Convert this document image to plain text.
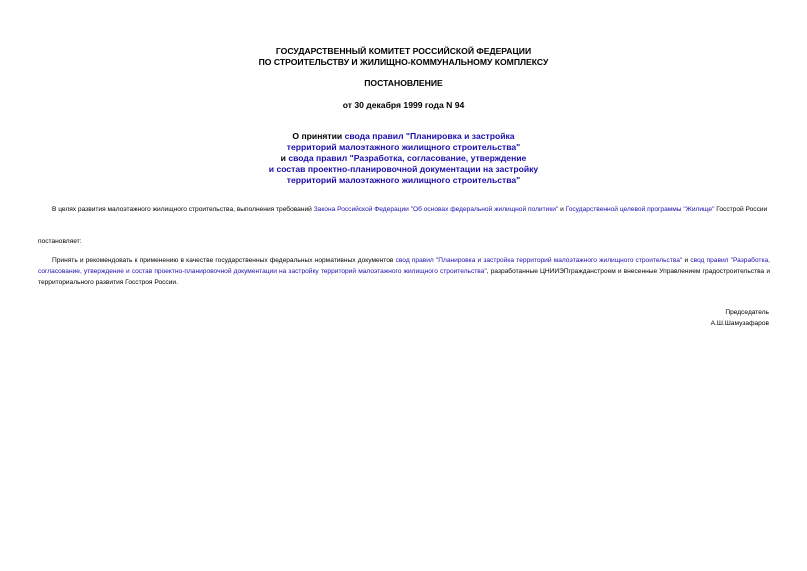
ГОСУДАРСТВЕННЫЙ КОМИТЕТ РОССИЙСКОЙ ФЕДЕРАЦИИ
ПО СТРОИТЕЛЬСТВУ И ЖИЛИЩНО-КОММУНАЛЬНОМУ КОМПЛЕКСУ
ПОСТАНОВЛЕНИЕ
от 30 декабря 1999 года N 94
О принятии свода правил "Планировка и застройка
территорий малоэтажного жилищного строительства"
и свода правил "Разработка, согласование, утверждение
и состав проектно-планировочной документации на застройку
территорий малоэтажного жилищного строительства"
В целях развития малоэтажного жилищного строительства, выполнения требований Закона Российской Федерации "Об основах федеральной жилищной политики" и Государственной целевой программы "Жилище" Госстрой России
постановляет:
Принять и рекомендовать к применению в качестве государственных федеральных нормативных документов свод правил "Планировка и застройка территорий малоэтажного жилищного строительства" и свод правил "Разработка, согласование, утверждение и состав проектно-планировочной документации на застройку территорий малоэтажного жилищного строительства", разработанные ЦНИИЭПгражданстроем и внесенные Управлением градостроительства и территориального развития Госстроя России.
Председатель
А.Ш.Шамузафаров
